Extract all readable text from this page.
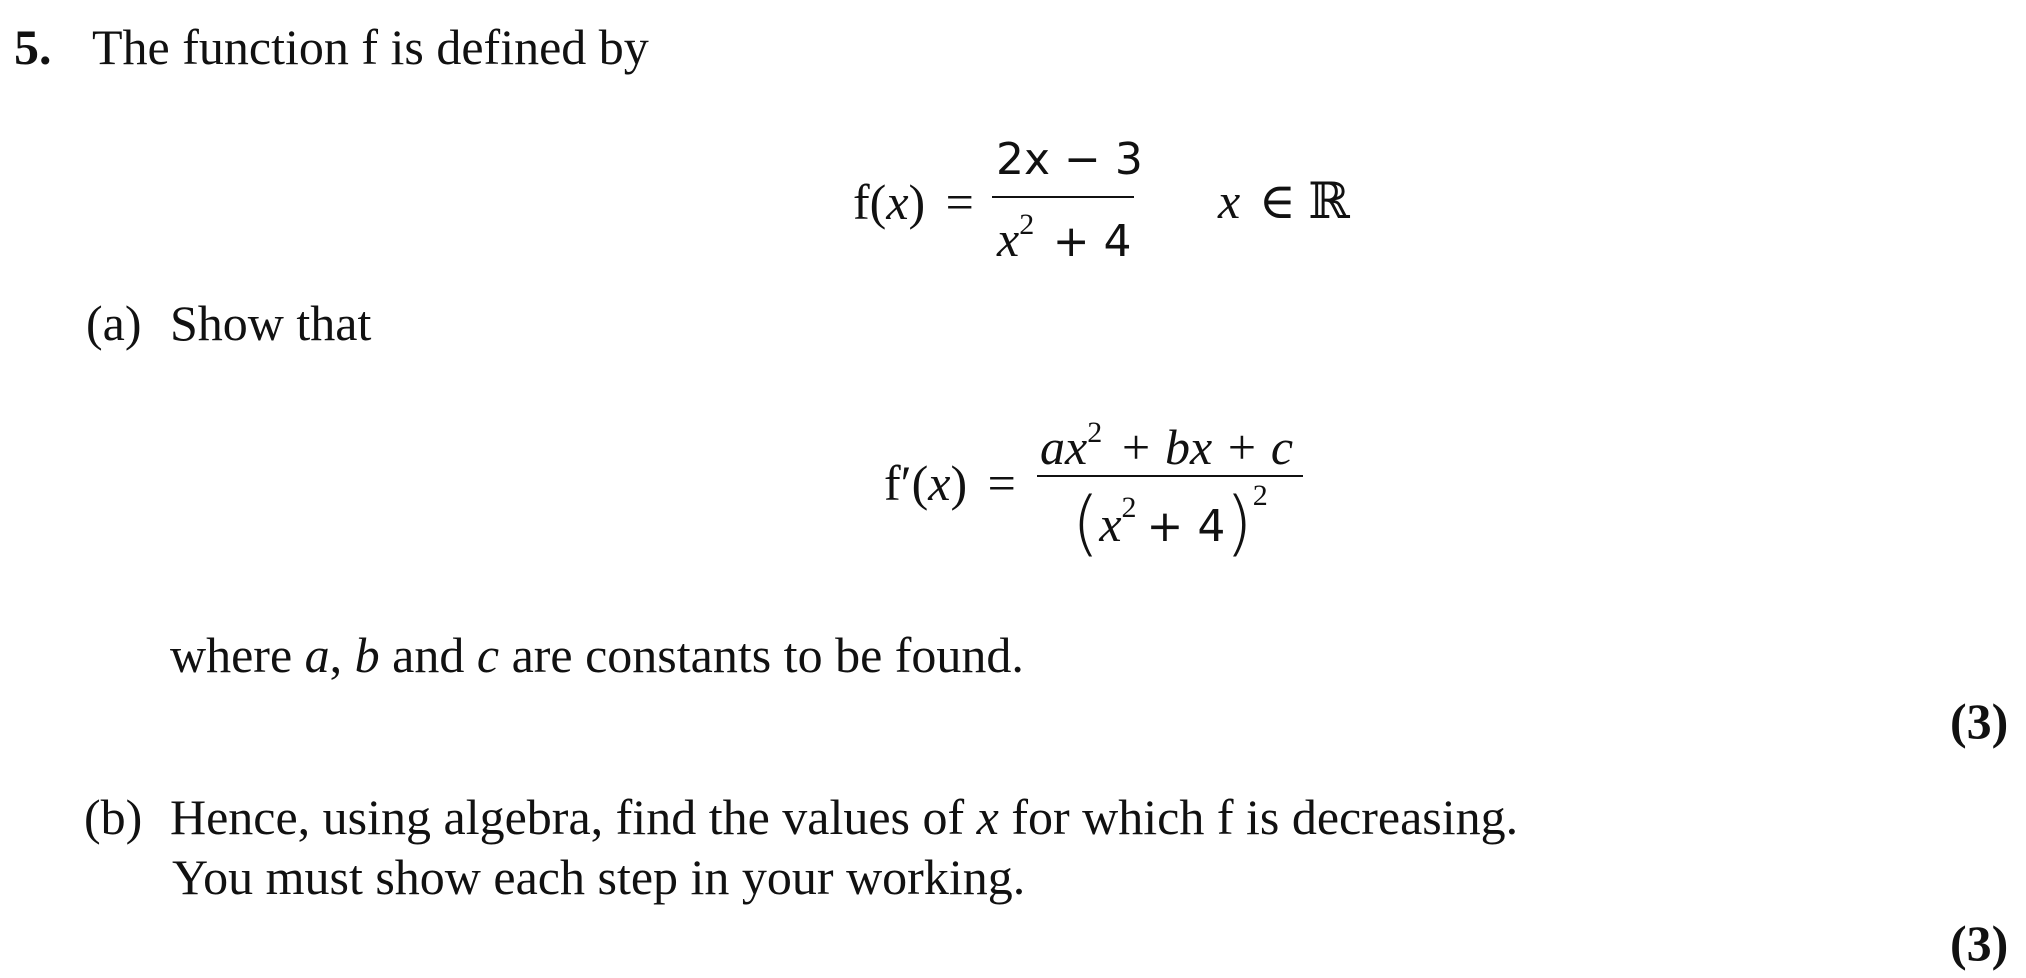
5. The function f is defined by
f(x) =
2x − 3
$x^2 + 4$
x ∈ ℝ
(a) Show that
f′(x) =
$ax^2$ + bx + c
(x2 + 4)2
where a, b and c are constants to be found.
(3)
(b) Hence, using algebra, find the values of x for which f is decreasing.
You must show each step in your working.
(3)
